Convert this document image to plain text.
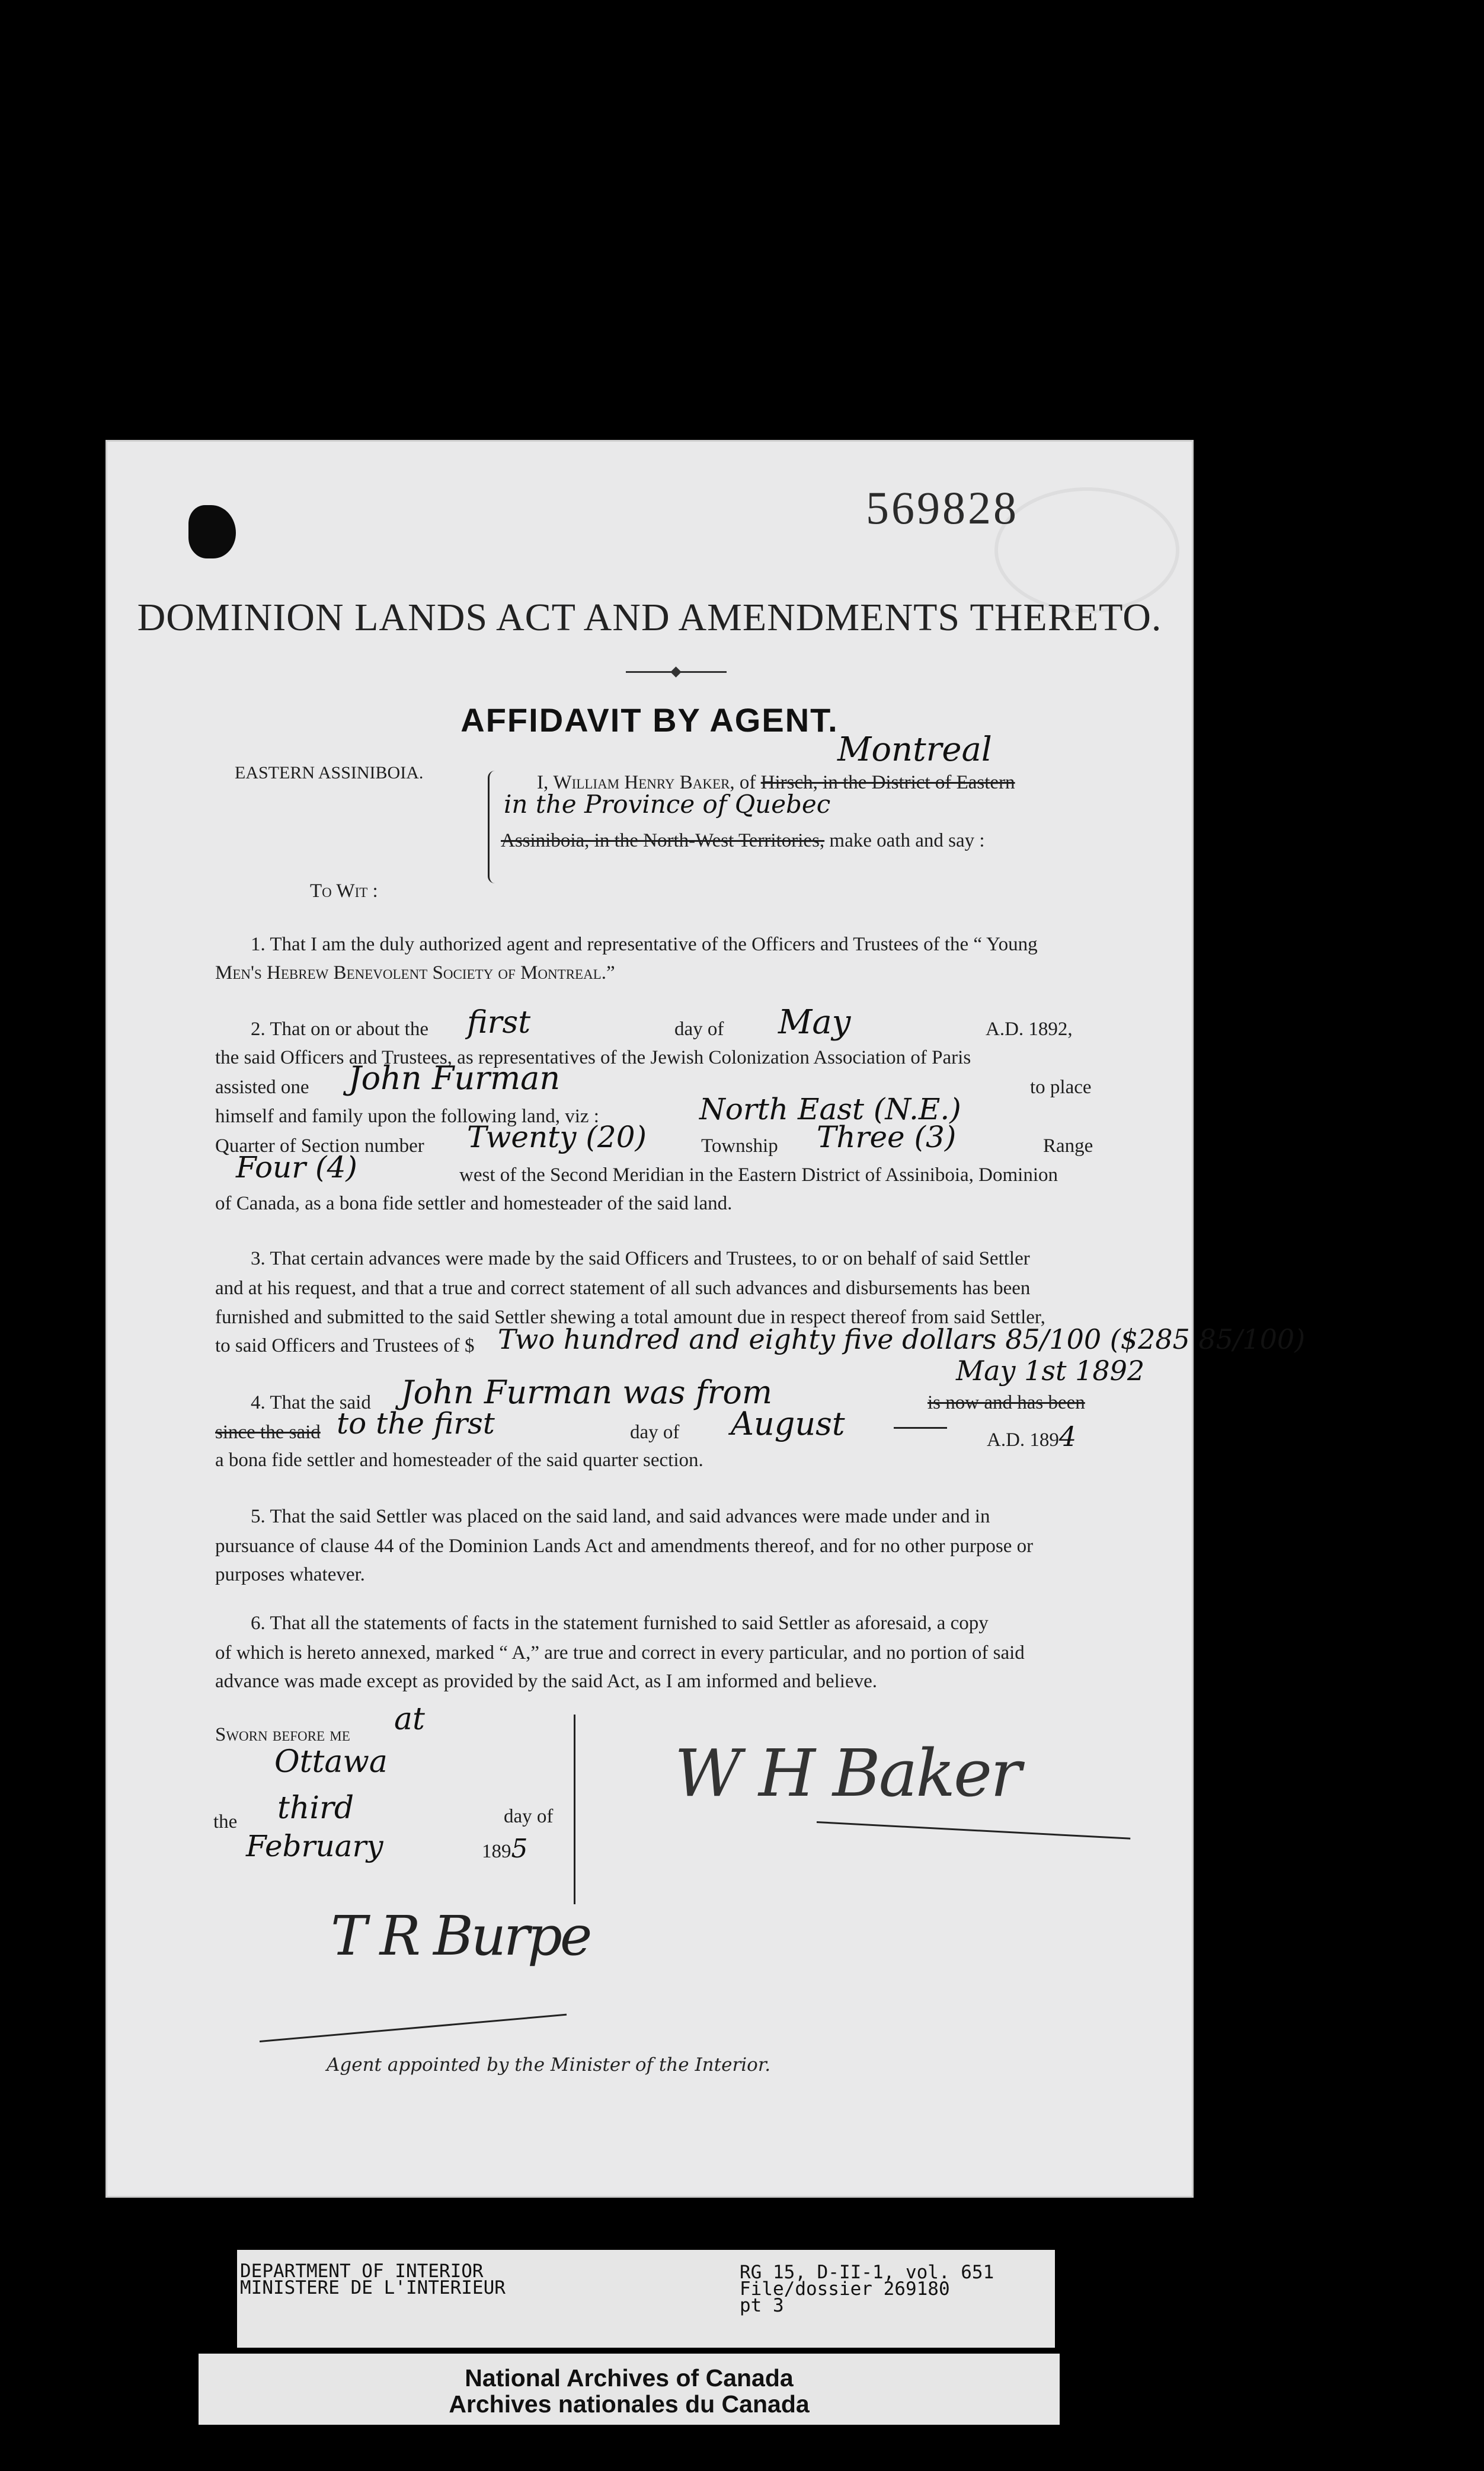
569828
DOMINION LANDS ACT AND AMENDMENTS THERETO.
AFFIDAVIT BY AGENT.
EASTERN ASSINIBOIA.
Montreal
I, William Henry Baker, of Hirsch, in the District of Eastern
in the Province of Quebec
Assiniboia, in the North-West Territories, make oath and say :
To Wit :
1. That I am the duly authorized agent and representative of the Officers and Trustees of the “ Young
Men's Hebrew Benevolent Society of Montreal.”
2. That on or about the first	day of May	A.D. 1892,
the said Officers and Trustees, as representatives of the Jewish Colonization Association of Paris
assisted one John Furman	to place
himself and family upon the following land, viz :	North East (N.E.)
Quarter of Section number Twenty (20)	Township Three (3)	Range
Four (4)	west of the Second Meridian in the Eastern District of Assiniboia, Dominion
of Canada, as a bona fide settler and homesteader of the said land.
3. That certain advances were made by the said Officers and Trustees, to or on behalf of said Settler
and at his request, and that a true and correct statement of all such advances and disbursements has been
furnished and submitted to the said Settler shewing a total amount due in respect thereof from said Settler,
to said Officers and Trustees of $ Two hundred and eighty five dollars 85/100 ($285 85/100)
4. That the said John Furman was from	is now and has been
May 1st 1892
since the said to the first	day of August	A.D. 1894
a bona fide settler and homesteader of the said quarter section.
5. That the said Settler was placed on the said land, and said advances were made under and in
pursuance of clause 44 of the Dominion Lands Act and amendments thereof, and for no other purpose or
purposes whatever.
6. That all the statements of facts in the statement furnished to said Settler as aforesaid, a copy
of which is hereto annexed, marked “ A,” are true and correct in every particular, and no portion of said
advance was made except as provided by the said Act, as I am informed and believe.
Sworn before me at
Ottawa
the third	day of
February	1895
W H Baker
T R Burpe
Agent appointed by the Minister of the Interior.
DEPARTMENT OF INTERIOR
MINISTERE DE L'INTERIEUR
RG 15, D-II-1, vol. 651
File/dossier 269180
pt 3
National Archives of Canada
Archives nationales du Canada
